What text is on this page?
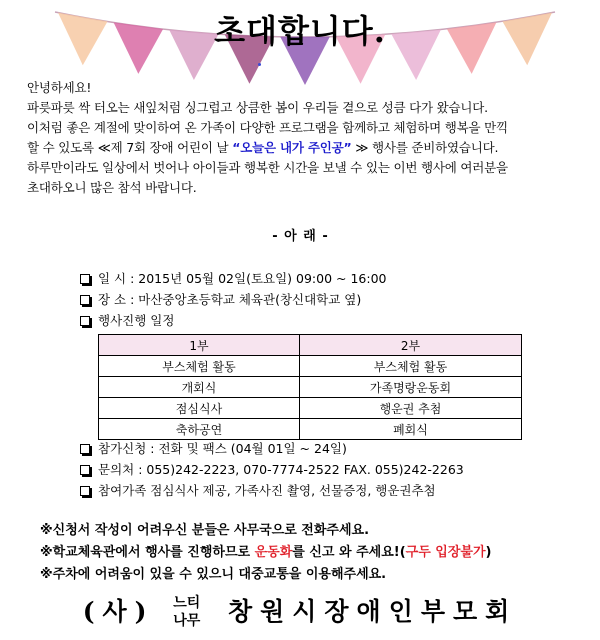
초대합니다.

안녕하세요!

파릇파릇 싹 터오는 새잎처럼 싱그럽고 상큼한 봄이 우리들 곁으로 성큼 다가 왔습니다.

이처럼 좋은 계절에 맞이하여 온 가족이 다양한 프로그램을 함께하고 체험하며 행복을 만끽

할 수 있도록 ≪제 7회 장애 어린이 날 “오늘은 내가 주인공” ≫ 행사를 준비하였습니다.

하루만이라도 일상에서 벗어나 아이들과 행복한 시간을 보낼 수 있는 이번 행사에 여러분을

초대하오니 많은 참석 바랍니다.

- 아 래 -
일 시 : 2015년 05월 02일(토요일) 09:00 ~ 16:00
장 소 : 마산중앙초등학교 체육관(창신대학교 옆)
행사진행 일정
1부	2부
부스체험 활동	부스체험 활동
개회식	가족명랑운동회
점심식사	행운권 추첨
축하공연	폐회식
참가신청 : 전화 및 팩스 (04월 01일 ~ 24일)
문의처 : 055)242-2223, 070-7774-2522 FAX. 055)242-2263
참여가족 점심식사 제공, 가족사진 촬영, 선물증정, 행운권추첨
※신청서 작성이 어려우신 분들은 사무국으로 전화주세요.
※학교체육관에서 행사를 진행하므로 운동화를 신고 와 주세요!(구두 입장불가)
※주차에 어려움이 있을 수 있으니 대중교통을 이용해주세요.
(사) 느티
나무 창원시장애인부모회
